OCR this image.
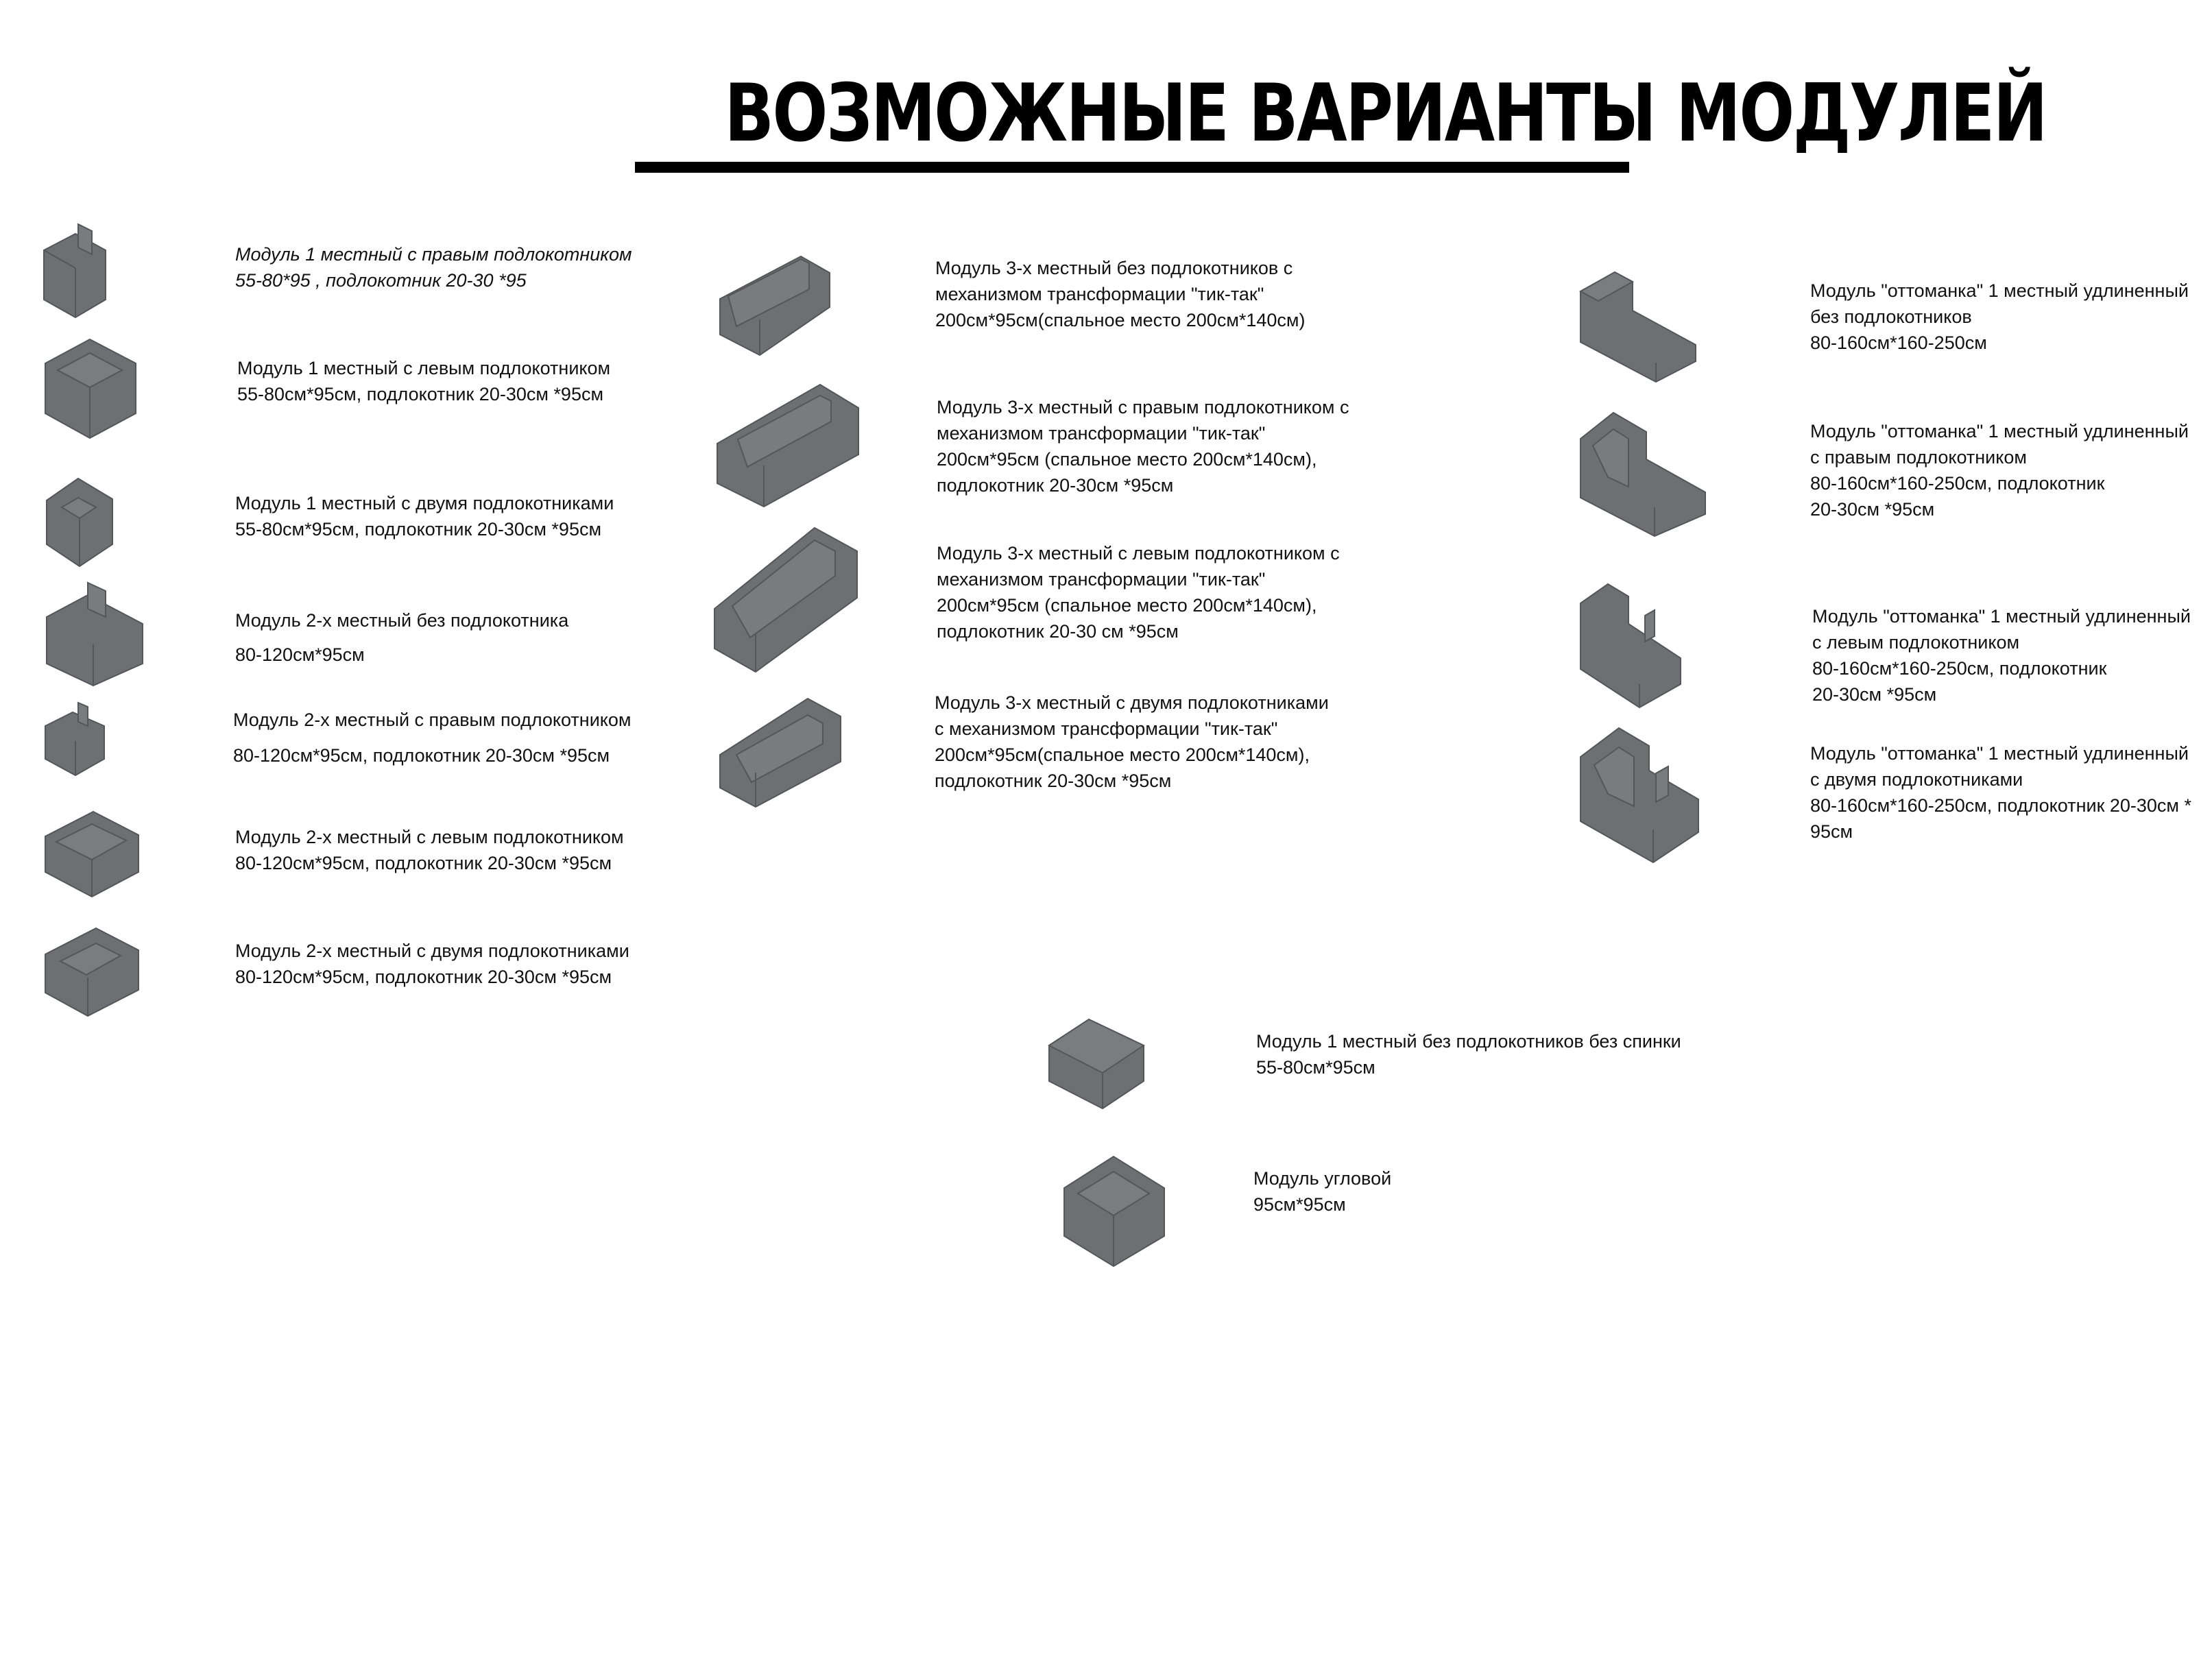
ВОЗМОЖНЫЕ ВАРИАНТЫ МОДУЛЕЙ
Модуль 1 местный с правым подлокотником
55-80*95 , подлокотник 20-30 *95
Модуль 1 местный с левым подлокотником
55-80см*95см, подлокотник 20-30см *95см
Модуль 1 местный с двумя подлокотниками
55-80см*95см, подлокотник 20-30см *95см
Модуль 2-х местный без подлокотника
80-120см*95см
Модуль 2-х местный с правым подлокотником
80-120см*95см, подлокотник 20-30см *95см
Модуль 2-х местный с левым подлокотником
80-120см*95см, подлокотник 20-30см *95см
Модуль 2-х местный с двумя подлокотниками
80-120см*95см, подлокотник 20-30см *95см
Модуль 3-х местный без подлокотников с
механизмом трансформации "тик-так"
200см*95см(спальное место 200см*140см)
Модуль 3-х местный с правым подлокотником с
механизмом трансформации "тик-так"
200см*95см (спальное место 200см*140см),
подлокотник 20-30см *95см
Модуль 3-х местный с левым подлокотником с
механизмом трансформации "тик-так"
200см*95см (спальное место 200см*140см),
подлокотник 20-30 см *95см
Модуль 3-х местный с двумя подлокотниками
с механизмом трансформации "тик-так"
200см*95см(спальное место 200см*140см),
подлокотник 20-30см *95см
Модуль "оттоманка" 1 местный удлиненный
без подлокотников
80-160см*160-250см
Модуль "оттоманка" 1 местный удлиненный
с правым подлокотником
80-160см*160-250см, подлокотник
20-30см *95см
Модуль "оттоманка" 1 местный удлиненный
с левым подлокотником
80-160см*160-250см, подлокотник
20-30см *95см
Модуль "оттоманка" 1 местный удлиненный
с двумя подлокотниками
80-160см*160-250см, подлокотник 20-30см *
95см
Модуль 1 местный без подлокотников без спинки
55-80см*95см
Модуль угловой
95см*95см
